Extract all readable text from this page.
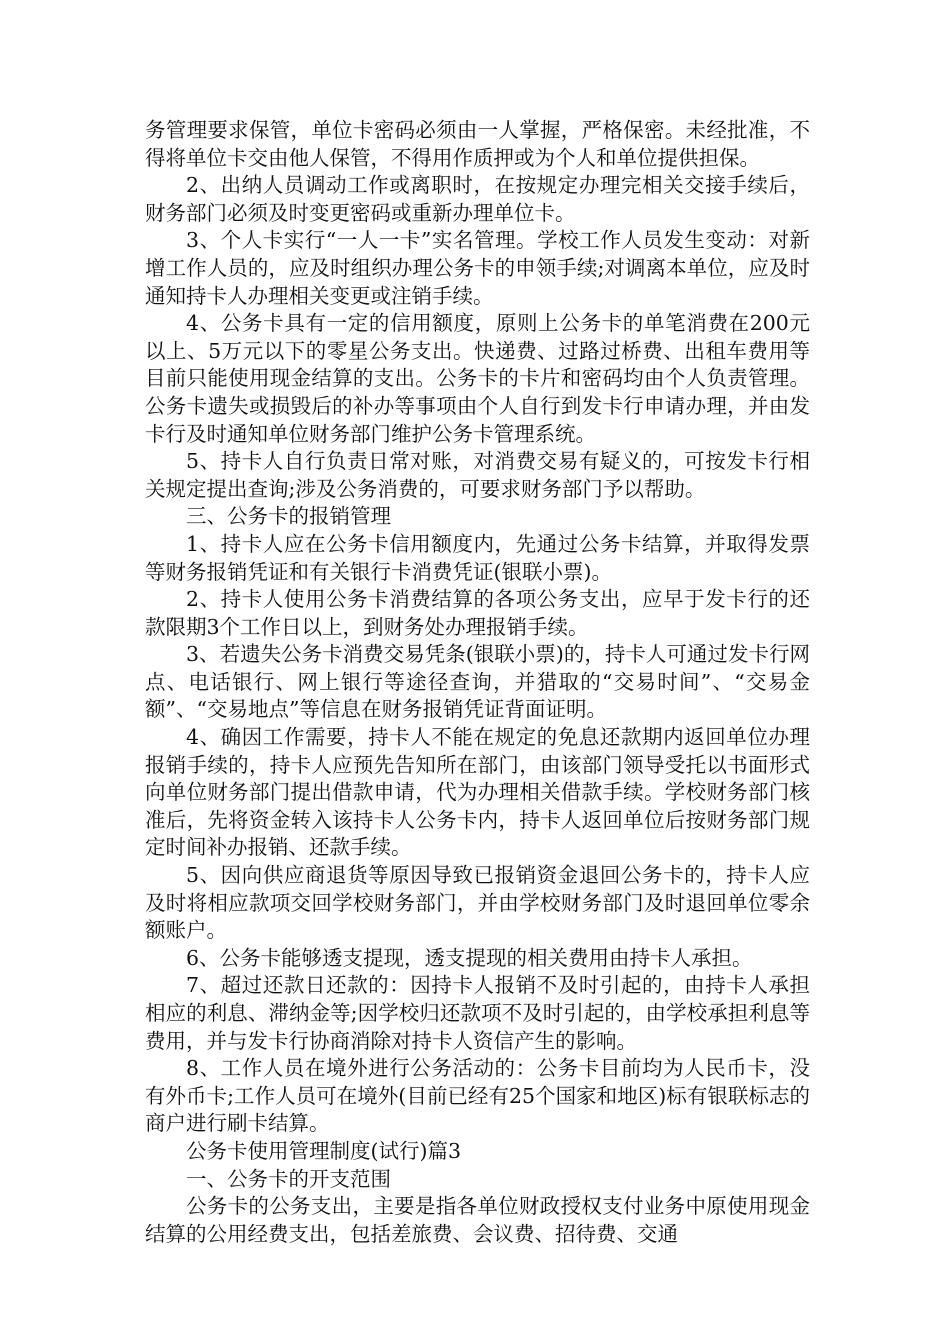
务管理要求保管，单位卡密码必须由一人掌握，严格保密。未经批准，不得将单位卡交由他人保管，不得用作质押或为个人和单位提供担保。

2、出纳人员调动工作或离职时，在按规定办理完相关交接手续后，财务部门必须及时变更密码或重新办理单位卡。

3、个人卡实行“一人一卡”实名管理。学校工作人员发生变动：对新增工作人员的，应及时组织办理公务卡的申领手续;对调离本单位，应及时通知持卡人办理相关变更或注销手续。

4、公务卡具有一定的信用额度，原则上公务卡的单笔消费在200元以上、5万元以下的零星公务支出。快递费、过路过桥费、出租车费用等目前只能使用现金结算的支出。公务卡的卡片和密码均由个人负责管理。公务卡遗失或损毁后的补办等事项由个人自行到发卡行申请办理，并由发卡行及时通知单位财务部门维护公务卡管理系统。

5、持卡人自行负责日常对账，对消费交易有疑义的，可按发卡行相关规定提出查询;涉及公务消费的，可要求财务部门予以帮助。

三、公务卡的报销管理

1、持卡人应在公务卡信用额度内，先通过公务卡结算，并取得发票等财务报销凭证和有关银行卡消费凭证(银联小票)。

2、持卡人使用公务卡消费结算的各项公务支出，应早于发卡行的还款限期3个工作日以上，到财务处办理报销手续。

3、若遗失公务卡消费交易凭条(银联小票)的，持卡人可通过发卡行网点、电话银行、网上银行等途径查询，并猎取的“交易时间”、“交易金额”、“交易地点”等信息在财务报销凭证背面证明。

4、确因工作需要，持卡人不能在规定的免息还款期内返回单位办理报销手续的，持卡人应预先告知所在部门，由该部门领导受托以书面形式向单位财务部门提出借款申请，代为办理相关借款手续。学校财务部门核准后，先将资金转入该持卡人公务卡内，持卡人返回单位后按财务部门规定时间补办报销、还款手续。

5、因向供应商退货等原因导致已报销资金退回公务卡的，持卡人应及时将相应款项交回学校财务部门，并由学校财务部门及时退回单位零余额账户。

6、公务卡能够透支提现，透支提现的相关费用由持卡人承担。

7、超过还款日还款的：因持卡人报销不及时引起的，由持卡人承担相应的利息、滞纳金等;因学校归还款项不及时引起的，由学校承担利息等费用，并与发卡行协商消除对持卡人资信产生的影响。

8、工作人员在境外进行公务活动的：公务卡目前均为人民币卡，没有外币卡;工作人员可在境外(目前已经有25个国家和地区)标有银联标志的商户进行刷卡结算。

公务卡使用管理制度(试行)篇3

一、公务卡的开支范围

公务卡的公务支出，主要是指各单位财政授权支付业务中原使用现金结算的公用经费支出，包括差旅费、会议费、招待费、交通
